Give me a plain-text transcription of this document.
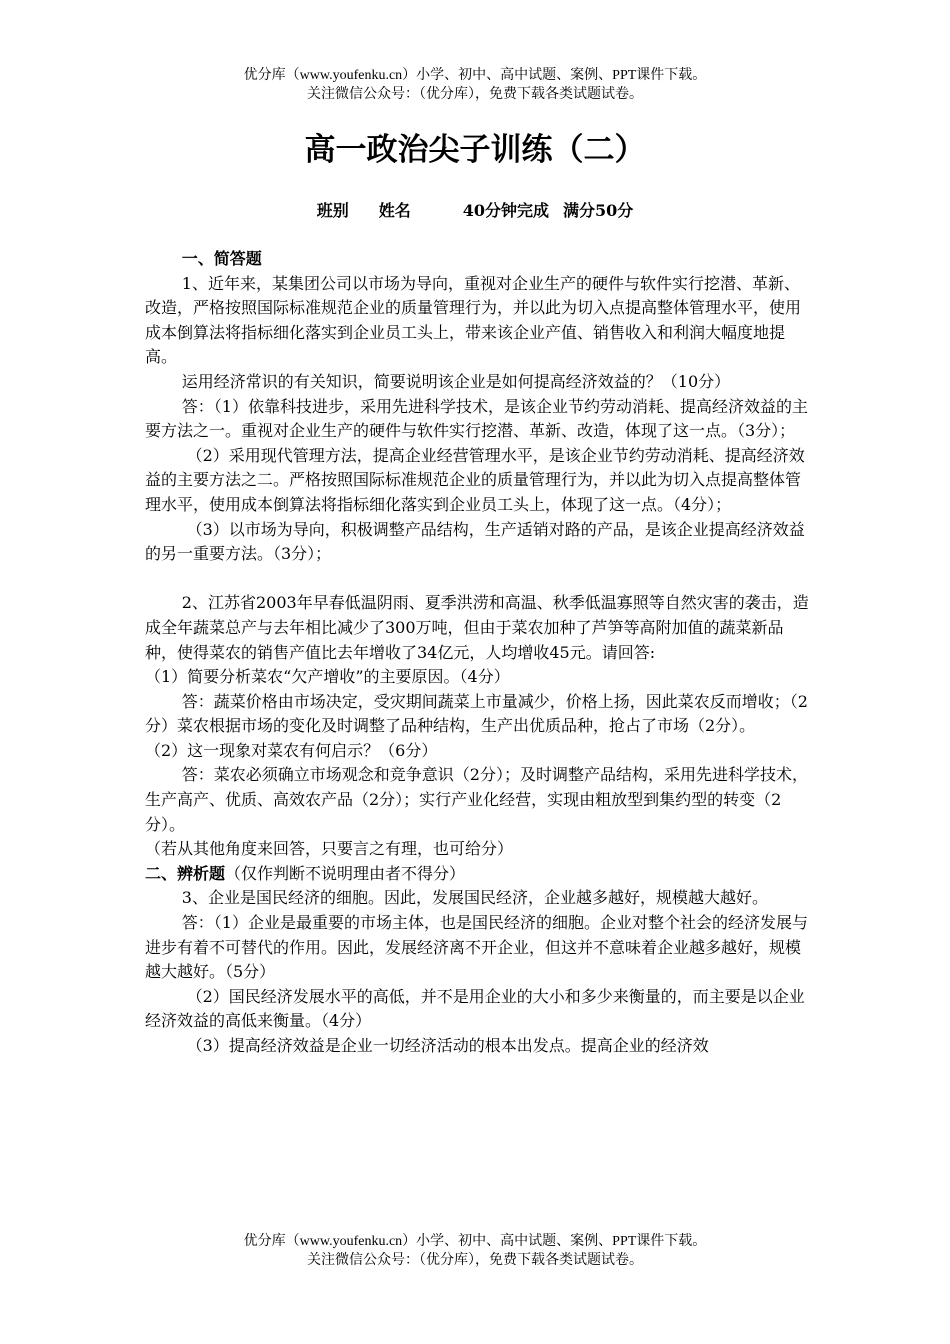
优分库（www.youfenku.cn）小学、初中、高中试题、案例、PPT课件下载。
关注微信公众号：（优分库），免费下载各类试题试卷。
高一政治尖子训练（二）
班别 姓名	40分钟完成 满分50分

一、简答题

1、近年来，某集团公司以市场为导向，重视对企业生产的硬件与软件实行挖潜、革新、改造，严格按照国际标准规范企业的质量管理行为，并以此为切入点提高整体管理水平，使用成本倒算法将指标细化落实到企业员工头上，带来该企业产值、销售收入和利润大幅度地提高。

运用经济常识的有关知识，简要说明该企业是如何提高经济效益的？（10分）

答：（1）依靠科技进步，采用先进科学技术，是该企业节约劳动消耗、提高经济效益的主要方法之一。重视对企业生产的硬件与软件实行挖潜、革新、改造，体现了这一点。（3分）；

（2）采用现代管理方法，提高企业经营管理水平，是该企业节约劳动消耗、提高经济效益的主要方法之二。严格按照国际标准规范企业的质量管理行为，并以此为切入点提高整体管理水平，使用成本倒算法将指标细化落实到企业员工头上，体现了这一点。（4分）；

（3）以市场为导向，积极调整产品结构，生产适销对路的产品，是该企业提高经济效益的另一重要方法。（3分）；

2、江苏省2003年早春低温阴雨、夏季洪涝和高温、秋季低温寡照等自然灾害的袭击，造成全年蔬菜总产与去年相比减少了300万吨，但由于菜农加种了芦笋等高附加值的蔬菜新品种，使得菜农的销售产值比去年增收了34亿元，人均增收45元。请回答:

（1）简要分析菜农“欠产增收”的主要原因。（4分）

答：蔬菜价格由市场决定，受灾期间蔬菜上市量减少，价格上扬，因此菜农反而增收；（2分）菜农根据市场的变化及时调整了品种结构，生产出优质品种，抢占了市场（2分）。

（2）这一现象对菜农有何启示？（6分）

答：菜农必须确立市场观念和竞争意识（2分）；及时调整产品结构，采用先进科学技术，生产高产、优质、高效农产品（2分）；实行产业化经营，实现由粗放型到集约型的转变（2分）。

（若从其他角度来回答，只要言之有理，也可给分）

二、辨析题（仅作判断不说明理由者不得分）

3、企业是国民经济的细胞。因此，发展国民经济，企业越多越好，规模越大越好。

答：（1）企业是最重要的市场主体，也是国民经济的细胞。企业对整个社会的经济发展与进步有着不可替代的作用。因此，发展经济离不开企业，但这并不意味着企业越多越好，规模越大越好。（5分）

（2）国民经济发展水平的高低，并不是用企业的大小和多少来衡量的，而主要是以企业经济效益的高低来衡量。（4分）

（3）提高经济效益是企业一切经济活动的根本出发点。提高企业的经济效

优分库（www.youfenku.cn）小学、初中、高中试题、案例、PPT课件下载。
关注微信公众号：（优分库），免费下载各类试题试卷。
